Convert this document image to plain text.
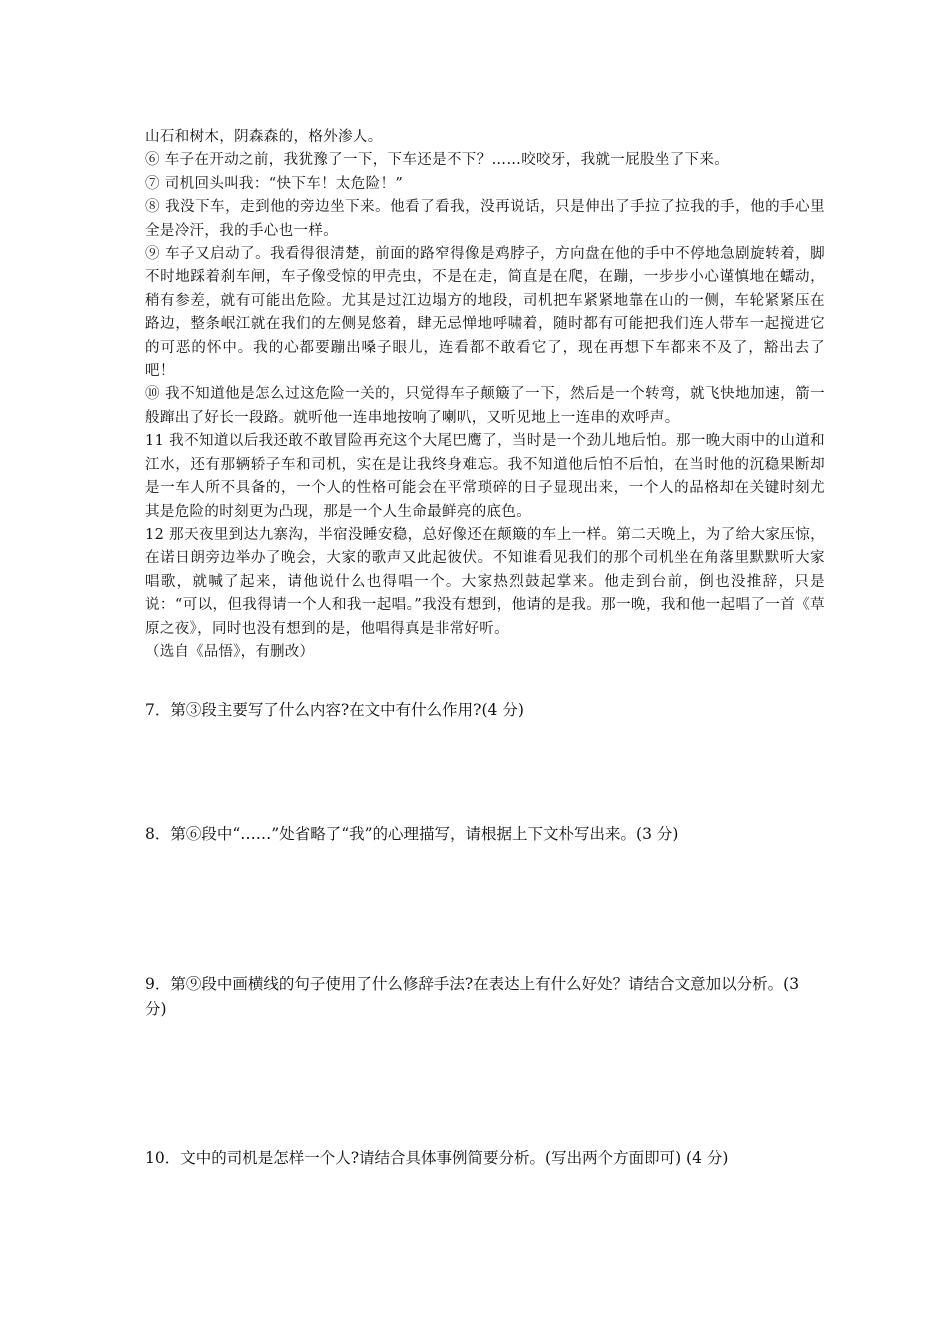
山石和树木，阴森森的，格外渗人。

⑥ 车子在开动之前，我犹豫了一下，下车还是不下？……咬咬牙，我就一屁股坐了下来。

⑦ 司机回头叫我：“快下车！太危险！”

⑧ 我没下车，走到他的旁边坐下来。他看了看我，没再说话，只是伸出了手拉了拉我的手，他的手心里全是冷汗，我的手心也一样。

⑨ 车子又启动了。我看得很清楚，前面的路窄得像是鸡脖子，方向盘在他的手中不停地急剧旋转着，脚不时地踩着刹车闸，车子像受惊的甲壳虫，不是在走，简直是在爬，在蹦，一步步小心谨慎地在蠕动，稍有参差，就有可能出危险。尤其是过江边塌方的地段，司机把车紧紧地靠在山的一侧，车轮紧紧压在路边，整条岷江就在我们的左侧晃悠着，肆无忌惮地呼啸着，随时都有可能把我们连人带车一起搅进它的可恶的怀中。我的心都要蹦出嗓子眼儿，连看都不敢看它了，现在再想下车都来不及了，豁出去了吧！

⑩ 我不知道他是怎么过这危险一关的，只觉得车子颠簸了一下，然后是一个转弯，就飞快地加速，箭一般蹿出了好长一段路。就听他一连串地按响了喇叭，又听见地上一连串的欢呼声。

11 我不知道以后我还敢不敢冒险再充这个大尾巴鹰了，当时是一个劲儿地后怕。那一晚大雨中的山道和江水，还有那辆轿子车和司机，实在是让我终身难忘。我不知道他后怕不后怕，在当时他的沉稳果断却是一车人所不具备的，一个人的性格可能会在平常琐碎的日子显现出来，一个人的品格却在关键时刻尤其是危险的时刻更为凸现，那是一个人生命最鲜亮的底色。

12 那天夜里到达九寨沟，半宿没睡安稳，总好像还在颠簸的车上一样。第二天晚上，为了给大家压惊，在诺日朗旁边举办了晚会，大家的歌声又此起彼伏。不知谁看见我们的那个司机坐在角落里默默听大家唱歌，就喊了起来，请他说什么也得唱一个。大家热烈鼓起掌来。他走到台前，倒也没推辞，只是说：“可以，但我得请一个人和我一起唱。”我没有想到，他请的是我。那一晚，我和他一起唱了一首《草原之夜》，同时也没有想到的是，他唱得真是非常好听。

（选自《品悟》，有删改）

7．第③段主要写了什么内容?在文中有什么作用?(4 分)

8．第⑥段中“……”处省略了“我”的心理描写，请根据上下文朴写出来。(3 分)

9．第⑨段中画横线的句子使用了什么修辞手法?在表达上有什么好处？请结合文意加以分析。(3 分)

10．文中的司机是怎样一个人?请结合具体事例简要分析。(写出两个方面即可) (4 分)
